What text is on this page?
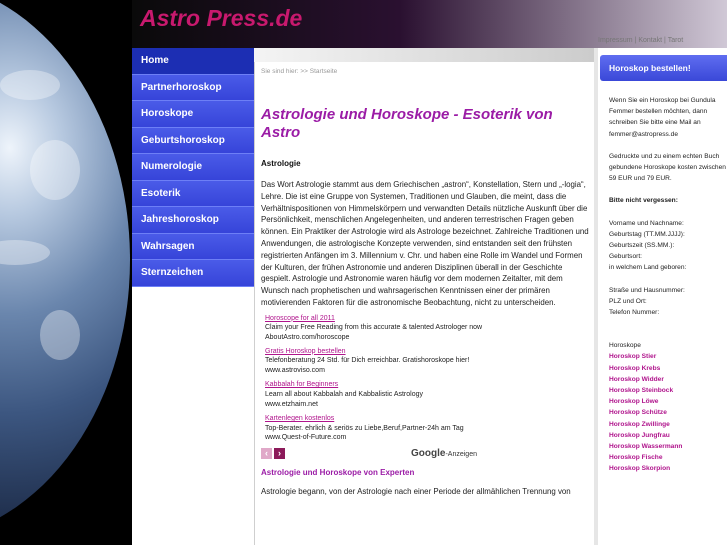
Astro Press.de
Impressum | Kontakt | Tarot
Home
Partnerhoroskop
Horoskope
Geburtshoroskop
Numerologie
Esoterik
Jahreshoroskop
Wahrsagen
Sternzeichen
Sie sind hier: >> Startseite
Astrologie und Horoskope - Esoterik von Astro
Astrologie
Das Wort Astrologie stammt aus dem Griechischen „astron“, Konstellation, Stern und „-logia“, Lehre. Die ist eine Gruppe von Systemen, Traditionen und Glauben, die meint, dass die Verhältnispositionen von Himmelskörpern und verwandten Details nützliche Auskunft über die Persönlichkeit, menschlichen Angelegenheiten, und anderen terrestrischen Fragen geben können. Ein Praktiker der Astrologie wird als Astrologe bezeichnet. Zahlreiche Traditionen und Anwendungen, die astrologische Konzepte verwenden, sind entstanden seit den frühsten registrierten Anfängen im 3. Millennium v. Chr. und haben eine Rolle im Wandel und Formen der Kulturen, der frühen Astronomie und anderen Disziplinen überall in der Geschichte gespielt. Astrologie und Astronomie waren häufig vor dem modernen Zeitalter, mit dem Wunsch nach prophetischen und wahrsagerischen Kenntnissen einer der primären motivierenden Faktoren für die astronomische Beobachtung, nicht zu unterscheiden.
Horoscope for all 2011
Claim your Free Reading from this accurate & talented Astrologer now
AboutAstro.com/horoscope
Gratis Horoskop bestellen
Telefonberatung 24 Std. für Dich erreichbar. Gratishoroskope hier!
www.astroviso.com
Kabbalah for Beginners
Learn all about Kabbalah and Kabbalistic Astrology
www.etzhaim.net
Kartenlegen kostenlos
Top-Berater. ehrlich & seriös zu Liebe,Beruf,Partner-24h am Tag
www.Quest-of-Future.com
‹	›	Google-Anzeigen
Astrologie und Horoskope von Experten
Astrologie begann, von der Astrologie nach einer Periode der allmählichen Trennung von
Horoskop bestellen!
Wenn Sie ein Horoskop bei Gundula Femmer bestellen möchten, dann schreiben Sie bitte eine Mail an femmer@astropress.de
Gedruckte und zu einem echten Buch gebundene Horoskope kosten zwischen 59 EUR und 79 EUR.
Bitte nicht vergessen:
Vorname und Nachname:
Geburtstag (TT.MM.JJJJ):
Geburtszeit (SS.MM.):
Geburtsort:
in welchem Land geboren:
Straße und Hausnummer:
PLZ und Ort:
Telefon Nummer:
Horoskope
Horoskop Stier
Horoskop Krebs
Horoskop Widder
Horoskop Steinbock
Horoskop Löwe
Horoskop Schütze
Horoskop Zwillinge
Horoskop Jungfrau
Horoskop Wassermann
Horoskop Fische
Horoskop Skorpion
